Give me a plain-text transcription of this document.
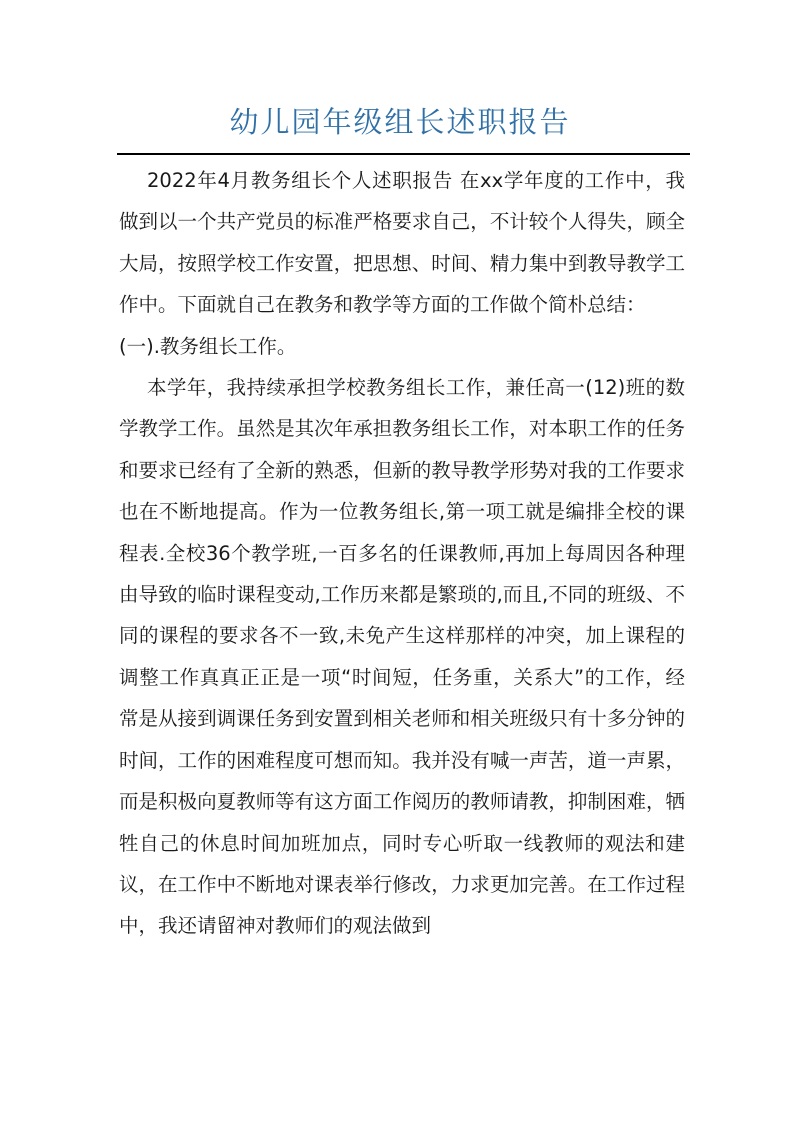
幼儿园年级组长述职报告

2022年4月教务组长个人述职报告 在xx学年度的工作中，我做到以一个共产党员的标准严格要求自己，不计较个人得失，顾全大局，按照学校工作安置，把思想、时间、精力集中到教导教学工作中。下面就自己在教务和教学等方面的工作做个简朴总结：

(一).教务组长工作。

本学年，我持续承担学校教务组长工作，兼任高一(12)班的数学教学工作。虽然是其次年承担教务组长工作，对本职工作的任务和要求已经有了全新的熟悉，但新的教导教学形势对我的工作要求也在不断地提高。作为一位教务组长,第一项工就是编排全校的课程表.全校36个教学班,一百多名的任课教师,再加上每周因各种理由导致的临时课程变动,工作历来都是繁琐的,而且,不同的班级、不同的课程的要求各不一致,未免产生这样那样的冲突，加上课程的调整工作真真正正是一项“时间短，任务重，关系大”的工作，经常是从接到调课任务到安置到相关老师和相关班级只有十多分钟的时间，工作的困难程度可想而知。我并没有喊一声苦，道一声累，而是积极向夏教师等有这方面工作阅历的教师请教，抑制困难，牺牲自己的休息时间加班加点，同时专心听取一线教师的观法和建议，在工作中不断地对课表举行修改，力求更加完善。在工作过程中，我还请留神对教师们的观法做到
